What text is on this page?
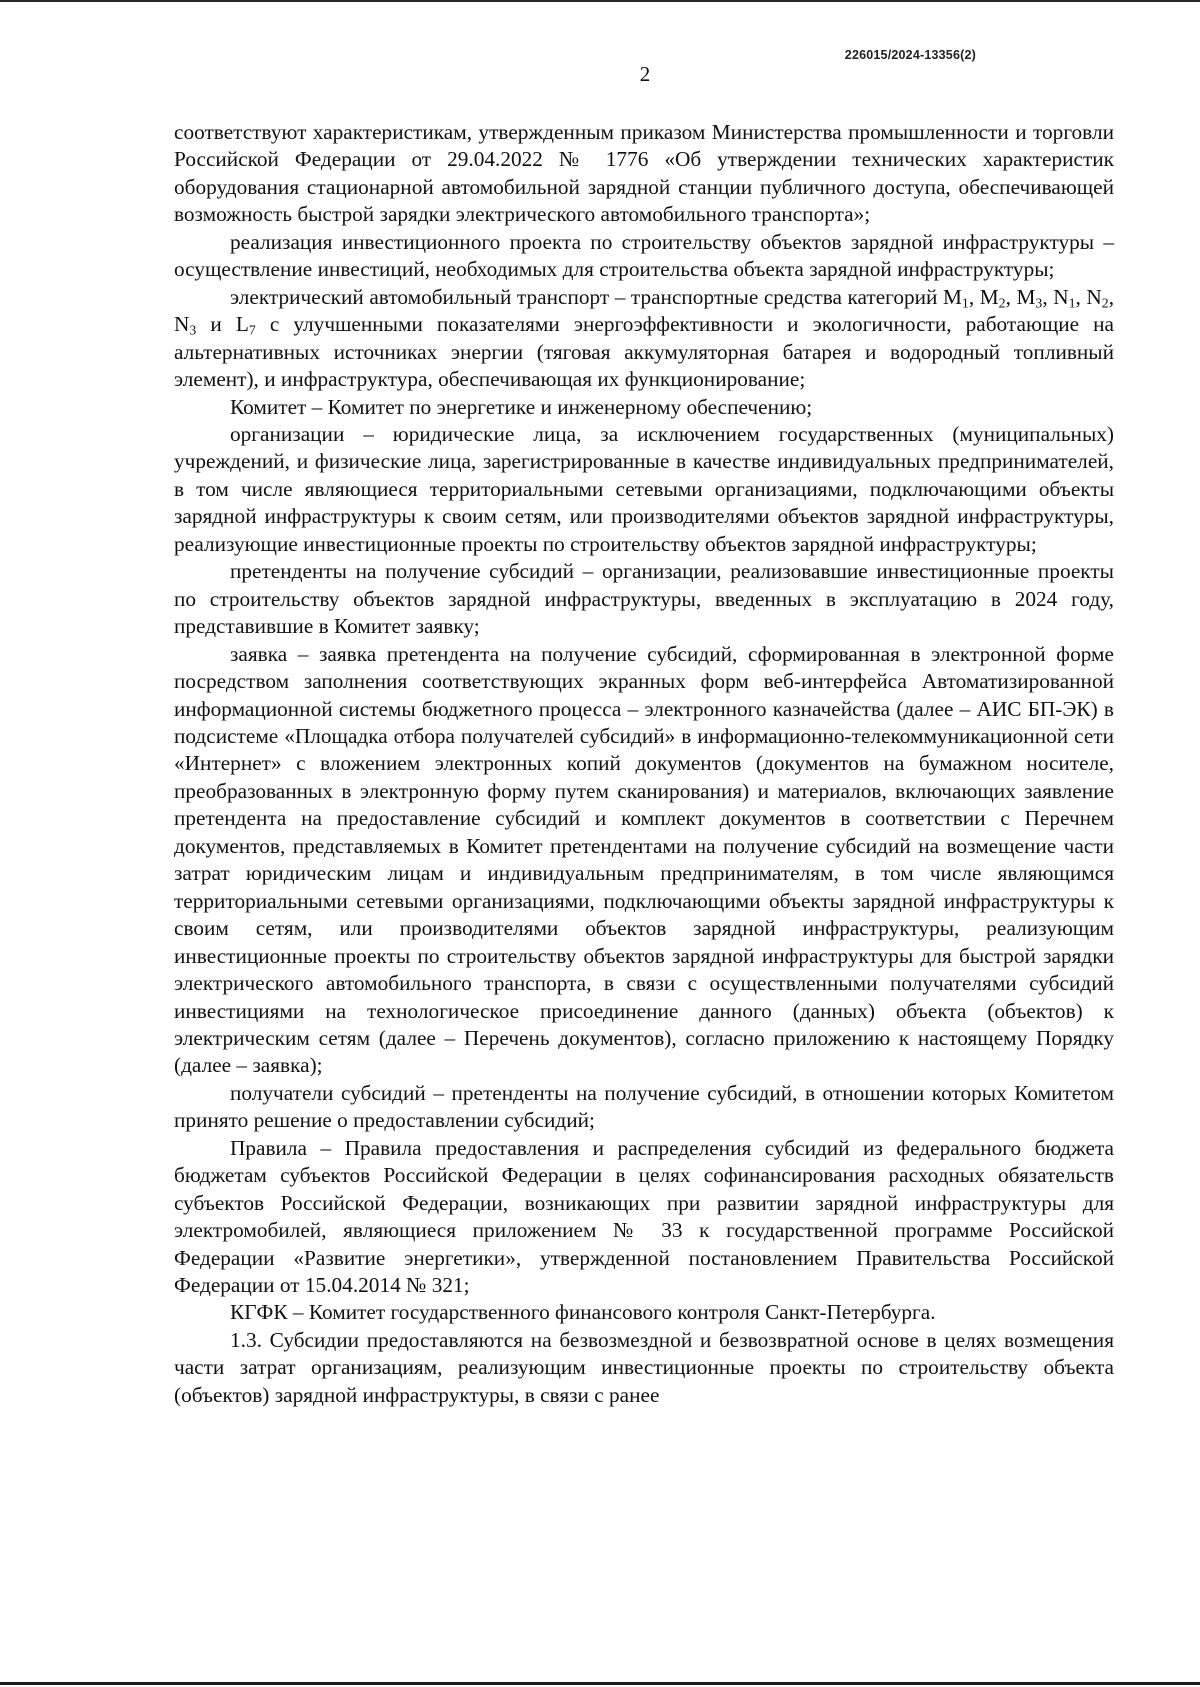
226015/2024-13356(2)
2

соответствуют характеристикам, утвержденным приказом Министерства промышленности и торговли Российской Федерации от 29.04.2022 № 1776 «Об утверждении технических характеристик оборудования стационарной автомобильной зарядной станции публичного доступа, обеспечивающей возможность быстрой зарядки электрического автомобильного транспорта»;

реализация инвестиционного проекта по строительству объектов зарядной инфраструктуры – осуществление инвестиций, необходимых для строительства объекта зарядной инфраструктуры;

электрический автомобильный транспорт – транспортные средства категорий $M_1$, $M_2$, $M_3$, $N_1$, $N_2$, $N_3$ и $L_7$ с улучшенными показателями энергоэффективности и экологичности, работающие на альтернативных источниках энергии (тяговая аккумуляторная батарея и водородный топливный элемент), и инфраструктура, обеспечивающая их функционирование;

Комитет – Комитет по энергетике и инженерному обеспечению;

организации – юридические лица, за исключением государственных (муниципальных) учреждений, и физические лица, зарегистрированные в качестве индивидуальных предпринимателей, в том числе являющиеся территориальными сетевыми организациями, подключающими объекты зарядной инфраструктуры к своим сетям, или производителями объектов зарядной инфраструктуры, реализующие инвестиционные проекты по строительству объектов зарядной инфраструктуры;

претенденты на получение субсидий – организации, реализовавшие инвестиционные проекты по строительству объектов зарядной инфраструктуры, введенных в эксплуатацию в 2024 году, представившие в Комитет заявку;

заявка – заявка претендента на получение субсидий, сформированная в электронной форме посредством заполнения соответствующих экранных форм веб-интерфейса Автоматизированной информационной системы бюджетного процесса – электронного казначейства (далее – АИС БП-ЭК) в подсистеме «Площадка отбора получателей субсидий» в информационно-телекоммуникационной сети «Интернет» с вложением электронных копий документов (документов на бумажном носителе, преобразованных в электронную форму путем сканирования) и материалов, включающих заявление претендента на предоставление субсидий и комплект документов в соответствии с Перечнем документов, представляемых в Комитет претендентами на получение субсидий на возмещение части затрат юридическим лицам и индивидуальным предпринимателям, в том числе являющимся территориальными сетевыми организациями, подключающими объекты зарядной инфраструктуры к своим сетям, или производителями объектов зарядной инфраструктуры, реализующим инвестиционные проекты по строительству объектов зарядной инфраструктуры для быстрой зарядки электрического автомобильного транспорта, в связи с осуществленными получателями субсидий инвестициями на технологическое присоединение данного (данных) объекта (объектов) к электрическим сетям (далее – Перечень документов), согласно приложению к настоящему Порядку (далее – заявка);

получатели субсидий – претенденты на получение субсидий, в отношении которых Комитетом принято решение о предоставлении субсидий;

Правила – Правила предоставления и распределения субсидий из федерального бюджета бюджетам субъектов Российской Федерации в целях софинансирования расходных обязательств субъектов Российской Федерации, возникающих при развитии зарядной инфраструктуры для электромобилей, являющиеся приложением № 33 к государственной программе Российской Федерации «Развитие энергетики», утвержденной постановлением Правительства Российской Федерации от 15.04.2014 № 321;

КГФК – Комитет государственного финансового контроля Санкт-Петербурга.

1.3. Субсидии предоставляются на безвозмездной и безвозвратной основе в целях возмещения части затрат организациям, реализующим инвестиционные проекты по строительству объекта (объектов) зарядной инфраструктуры, в связи с ранее
